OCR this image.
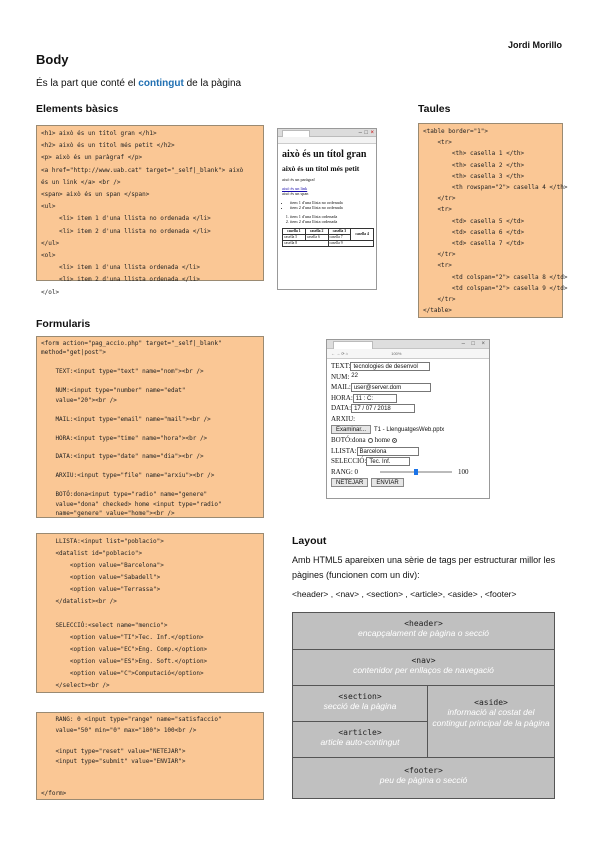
Jordi Morillo
Body
És la part que conté el contingut de la pàgina
Elements bàsics	Taules
<h1> això és un títol gran </h1>
<h2> això és un títol més petit </h2>
<p> això és un paràgraf </p>
<a href="http://www.uab.cat" target="_self|_blank"> això
és un link </a> <br />
<span> això és un span </span>
<ul>
<li> item 1 d'una llista no ordenada </li>
<li> item 2 d'una llista no ordenada </li>
</ul>
<ol>
<li> item 1 d'una llista ordenada </li>
<li> item 2 d'una llista ordenada </li>
</ol>
– □ ×
això és un títol gran
això és un títol més petit
això és un paràgraf
això és un link
això és un span
• item 1 d'una llista no ordenada
• item 2 d'una llista no ordenada
1. item 1 d'una llista ordenada
2. item 2 d'una llista ordenada
casella 1	casella 2	casella 3	casella 4
casella 5	casella 6	casella 7	
casella 8		casella 9	
<table border="1">
<tr>
<th> casella 1 </th>
<th> casella 2 </th>
<th> casella 3 </th>
<th rowspan="2"> casella 4 </th>
</tr>
<tr>
<td> casella 5 </td>
<td> casella 6 </td>
<td> casella 7 </td>
</tr>
<tr>
<td colspan="2"> casella 8 </td>
<td colspan="2"> casella 9 </td>
</tr>
</table>
Formularis
<form action="pag_accio.php" target="_self|_blank"
method="get|post">

TEXT:<input type="text" name="nom"><br />

NUM:<input type="number" name="edat"
value="20"><br />

MAIL:<input type="email" name="mail"><br />

HORA:<input type="time" name="hora"><br />

DATA:<input type="date" name="dia"><br />

ARXIU:<input type="file" name="arxiu"><br />

BOTÓ:dona<input type="radio" name="genere"
value="dona" checked> home <input type="radio"
name="genere" value="home"><br />
– □ ×
← → ⟳ ⌂	100%
TEXT: tecnologies de desenvol
NUM: 22
MAIL: user@server.dom
HORA: 11 : C:
DATA: 17 / 07 / 2018
ARXIU:
Examinar...	T1 - LlenguatgesWeb.pptx
BOTÓ: dona home
LLISTA: Barcelona
SELECCIÓ: Tec. Inf.
RANG: 0	100
NETEJAR	ENVIAR
LLISTA:<input list="poblacio">
<datalist id="poblacio">
<option value="Barcelona">
<option value="Sabadell">
<option value="Terrassa">
</datalist><br />

SELECCIÓ:<select name="mencio">
<option value="TI">Tec. Inf.</option>
<option value="EC">Eng. Comp.</option>
<option value="ES">Eng. Soft.</option>
<option value="C">Computació</option>
</select><br />
RANG: 0 <input type="range" name="satisfaccio"
value="50" min="0" max="100"> 100<br />

<input type="reset" value="NETEJAR">
<input type="submit" value="ENVIAR">

</form>
Layout
Amb HTML5 apareixen una sèrie de tags per estructurar millor les pàgines (funcionen com un div):
<header> , <nav> , <section> , <article>, <aside> , <footer>
<header>
encapçalament de pàgina o secció
<nav>
contenidor per enllaços de navegació
<section>
secció de la pàgina
<article>
article auto-contingut
<aside>
informació al costat del contingut principal de la pàgina
<footer>
peu de pàgina o secció
